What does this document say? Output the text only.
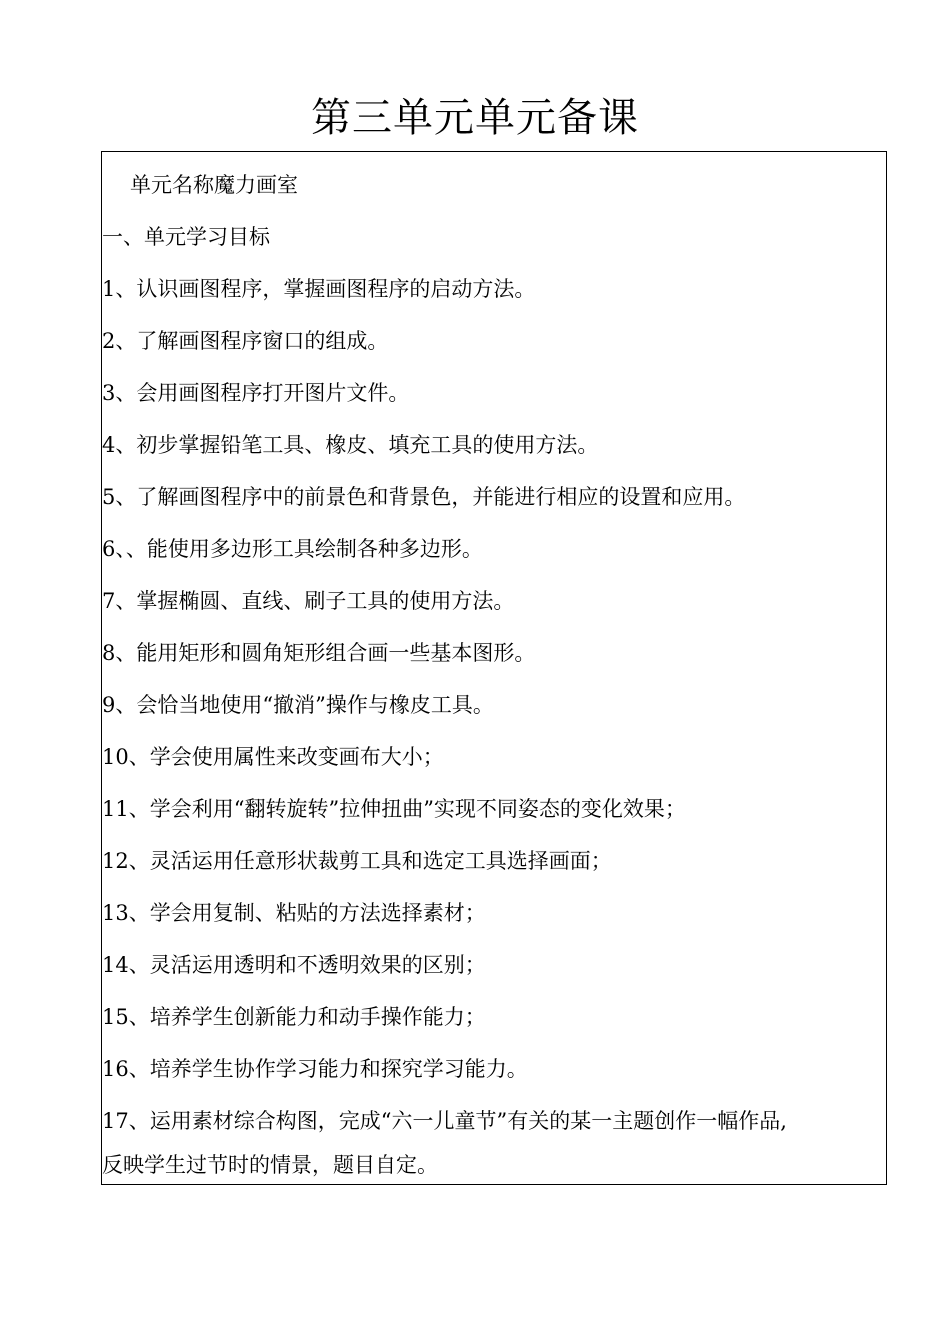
第三单元单元备课
单元名称魔力画室
一、单元学习目标
1、认识画图程序，掌握画图程序的启动方法。
2、了解画图程序窗口的组成。
3、会用画图程序打开图片文件。
4、初步掌握铅笔工具、橡皮、填充工具的使用方法。
5、了解画图程序中的前景色和背景色，并能进行相应的设置和应用。
6、、能使用多边形工具绘制各种多边形。
7、掌握椭圆、直线、刷子工具的使用方法。
8、能用矩形和圆角矩形组合画一些基本图形。
9、会恰当地使用“撤消”操作与橡皮工具。
10、学会使用属性来改变画布大小；
11、学会利用“翻转旋转”拉伸扭曲”实现不同姿态的变化效果；
12、灵活运用任意形状裁剪工具和选定工具选择画面；
13、学会用复制、粘贴的方法选择素材；
14、灵活运用透明和不透明效果的区别；
15、培养学生创新能力和动手操作能力；
16、培养学生协作学习能力和探究学习能力。
17、运用素材综合构图，完成“六一儿童节”有关的某一主题创作一幅作品,
反映学生过节时的情景，题目自定。
